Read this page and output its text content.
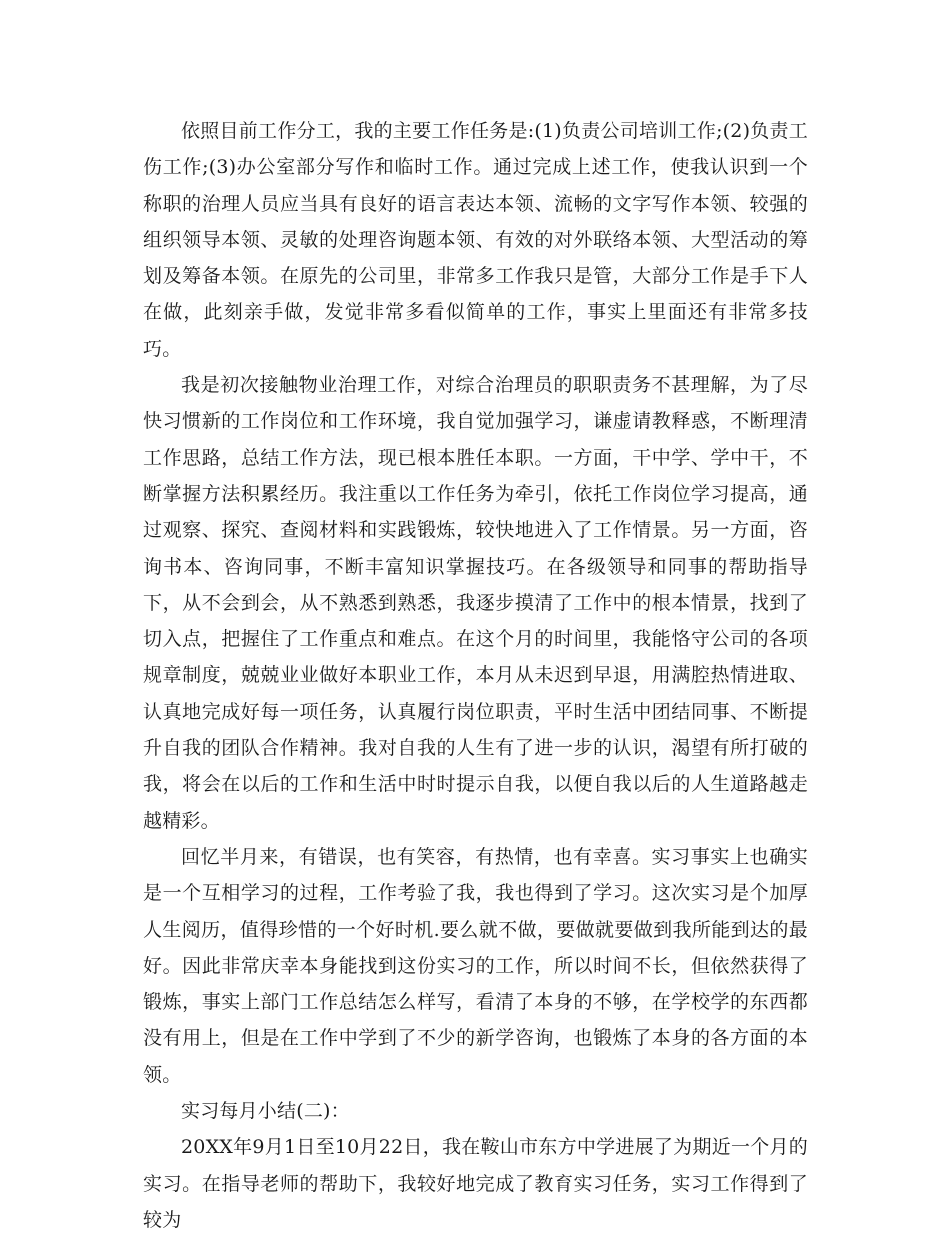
依照目前工作分工，我的主要工作任务是:(1)负责公司培训工作;(2)负责工伤工作;(3)办公室部分写作和临时工作。通过完成上述工作，使我认识到一个称职的治理人员应当具有良好的语言表达本领、流畅的文字写作本领、较强的组织领导本领、灵敏的处理咨询题本领、有效的对外联络本领、大型活动的筹划及筹备本领。在原先的公司里，非常多工作我只是管，大部分工作是手下人在做，此刻亲手做，发觉非常多看似简单的工作，事实上里面还有非常多技巧。

我是初次接触物业治理工作，对综合治理员的职职责务不甚理解，为了尽快习惯新的工作岗位和工作环境，我自觉加强学习，谦虚请教释惑，不断理清工作思路，总结工作方法，现已根本胜任本职。一方面，干中学、学中干，不断掌握方法积累经历。我注重以工作任务为牵引，依托工作岗位学习提高，通过观察、探究、查阅材料和实践锻炼，较快地进入了工作情景。另一方面，咨询书本、咨询同事，不断丰富知识掌握技巧。在各级领导和同事的帮助指导下，从不会到会，从不熟悉到熟悉，我逐步摸清了工作中的根本情景，找到了切入点，把握住了工作重点和难点。在这个月的时间里，我能恪守公司的各项规章制度，兢兢业业做好本职业工作，本月从未迟到早退，用满腔热情进取、认真地完成好每一项任务，认真履行岗位职责，平时生活中团结同事、不断提升自我的团队合作精神。我对自我的人生有了进一步的认识，渴望有所打破的我，将会在以后的工作和生活中时时提示自我，以便自我以后的人生道路越走越精彩。

回忆半月来，有错误，也有笑容，有热情，也有幸喜。实习事实上也确实是一个互相学习的过程，工作考验了我，我也得到了学习。这次实习是个加厚人生阅历，值得珍惜的一个好时机.要么就不做，要做就要做到我所能到达的最好。因此非常庆幸本身能找到这份实习的工作，所以时间不长，但依然获得了锻炼，事实上部门工作总结怎么样写，看清了本身的不够，在学校学的东西都没有用上，但是在工作中学到了不少的新学咨询，也锻炼了本身的各方面的本领。

实习每月小结(二)：

20XX年9月1日至10月22日，我在鞍山市东方中学进展了为期近一个月的实习。在指导老师的帮助下，我较好地完成了教育实习任务，实习工作得到了较为
